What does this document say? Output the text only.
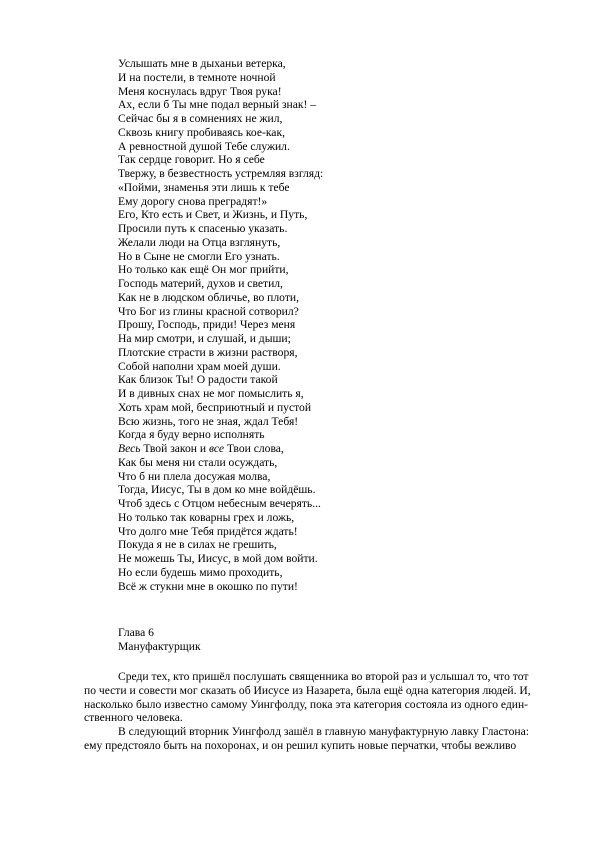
Услышать мне в дыханьи ветерка,
И на постели, в темноте ночной
Меня коснулась вдруг Твоя рука!
Ах, если б Ты мне подал верный знак! –
Сейчас бы я в сомнениях не жил,
Сквозь книгу пробиваясь кое-как,
А ревностной душой Тебе служил.
Так сердце говорит. Но я себе
Твержу, в безвестность устремляя взгляд:
«Пойми, знаменья эти лишь к тебе
Ему дорогу снова преградят!»
Его, Кто есть и Свет, и Жизнь, и Путь,
Просили путь к спасенью указать.
Желали люди на Отца взглянуть,
Но в Сыне не смогли Его узнать.
Но только как ещё Он мог прийти,
Господь материй, духов и светил,
Как не в людском обличье, во плоти,
Что Бог из глины красной сотворил?
Прошу, Господь, приди! Через меня
На мир смотри, и слушай, и дыши;
Плотские страсти в жизни растворя,
Собой наполни храм моей души.
Как близок Ты! О радости такой
И в дивных снах не мог помыслить я,
Хоть храм мой, бесприютный и пустой
Всю жизнь, того не зная, ждал Тебя!
Когда я буду верно исполнять
Весь Твой закон и все Твои слова,
Как бы меня ни стали осуждать,
Что б ни плела досужая молва,
Тогда, Иисус, Ты в дом ко мне войдёшь.
Чтоб здесь с Отцом небесным вечерять...
Но только так коварны грех и ложь,
Что долго мне Тебя придётся ждать!
Покуда я не в силах не грешить,
Не можешь Ты, Иисус, в мой дом войти.
Но если будешь мимо проходить,
Всё ж стукни мне в окошко по пути!
Глава 6
Мануфактурщик
Среди тех, кто пришёл послушать священника во второй раз и услышал то, что тот
по чести и совести мог сказать об Иисусе из Назарета, была ещё одна категория людей. И,
насколько было известно самому Уингфолду, пока эта категория состояла из одного един-
ственного человека.
В следующий вторник Уингфолд зашёл в главную мануфактурную лавку Гластона:
ему предстояло быть на похоронах, и он решил купить новые перчатки, чтобы вежливо
